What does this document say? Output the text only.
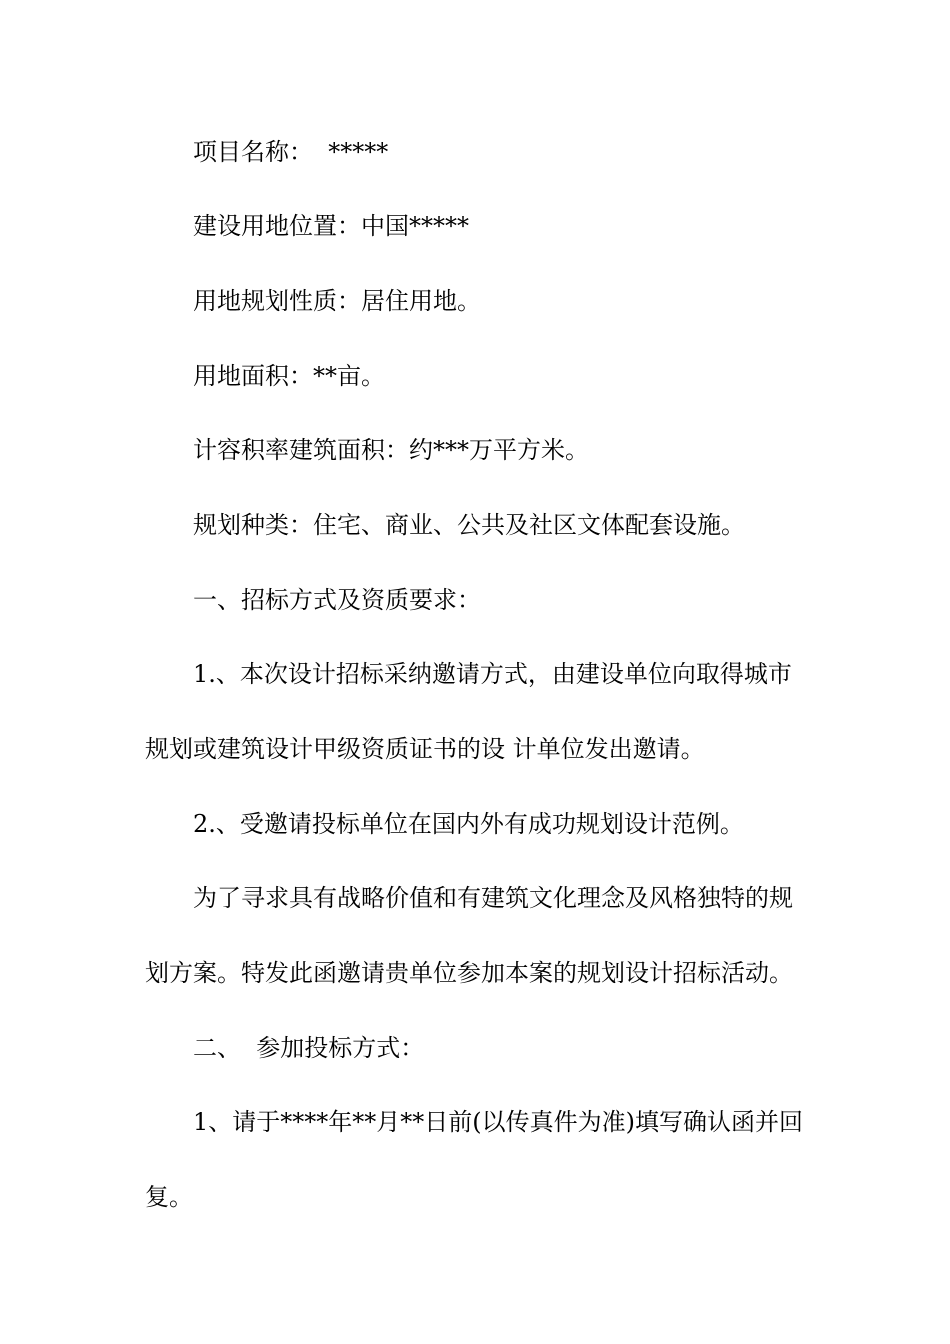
项目名称：  *****
建设用地位置：中国*****
用地规划性质：居住用地。
用地面积：**亩。
计容积率建筑面积：约***万平方米。
规划种类：住宅、商业、公共及社区文体配套设施。
一、招标方式及资质要求：
1.、本次设计招标采纳邀请方式，由建设单位向取得城市
规划或建筑设计甲级资质证书的设 计单位发出邀请。
2.、受邀请投标单位在国内外有成功规划设计范例。
为了寻求具有战略价值和有建筑文化理念及风格独特的规
划方案。特发此函邀请贵单位参加本案的规划设计招标活动。
二、  参加投标方式：
1、请于****年**月**日前(以传真件为准)填写确认函并回
复。
